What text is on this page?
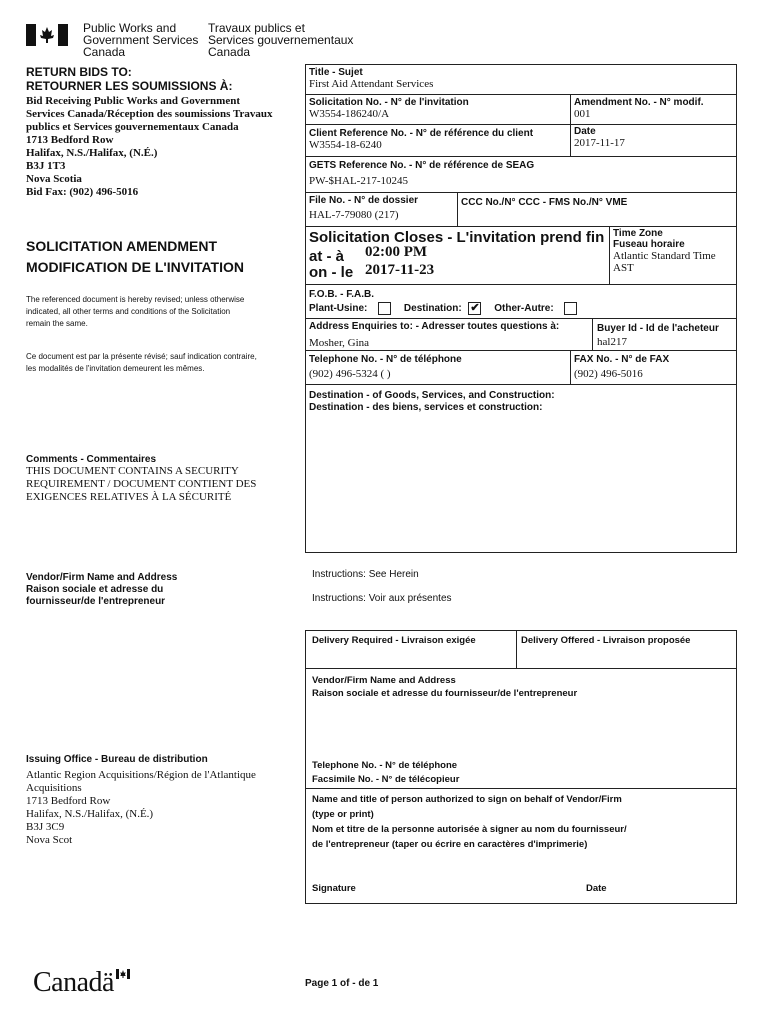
Public Works and
Government Services
Canada
Travaux publics et
Services gouvernementaux
Canada
RETURN BIDS TO:
RETOURNER LES SOUMISSIONS À:
Bid Receiving Public Works and Government
Services Canada/Réception des soumissions Travaux
publics et Services gouvernementaux Canada
1713 Bedford Row
Halifax, N.S./Halifax, (N.É.)
B3J 1T3
Nova Scotia
Bid Fax: (902) 496-5016
SOLICITATION AMENDMENT
MODIFICATION DE L'INVITATION
The referenced document is hereby revised; unless otherwise
indicated, all other terms and conditions of the Solicitation
remain the same.
Ce document est par la présente révisé; sauf indication contraire,
les modalités de l'invitation demeurent les mêmes.
Comments - Commentaires
THIS DOCUMENT CONTAINS A SECURITY
REQUIREMENT / DOCUMENT CONTIENT DES
EXIGENCES RELATIVES À LA SÉCURITÉ
Vendor/Firm Name and Address
Raison sociale et adresse du
fournisseur/de l'entrepreneur
Issuing Office - Bureau de distribution
Atlantic Region Acquisitions/Région de l'Atlantique
Acquisitions
1713 Bedford Row
Halifax, N.S./Halifax, (N.É.)
B3J 3C9
Nova Scot
Title - Sujet
First Aid Attendant Services
Solicitation No. - N° de l'invitation
W3554-186240/A
Amendment No. - N° modif.
001
Client Reference No. - N° de référence du client
W3554-18-6240
Date
2017-11-17
GETS Reference No. - N° de référence de SEAG
PW-$HAL-217-10245
File No. - N° de dossier
HAL-7-79080 (217)
CCC No./N° CCC - FMS No./N° VME
Solicitation Closes - L'invitation prend fin
at - à 02:00 PM
on - le 2017-11-23
Time Zone
Fuseau horaire
Atlantic Standard Time
AST
F.O.B. - F.A.B.
Plant-Usine:	Destination: ✔ Other-Autre:
Address Enquiries to: - Adresser toutes questions à:
Mosher, Gina
Buyer Id - Id de l'acheteur
hal217
Telephone No. - N° de téléphone
(902) 496-5324 ( )
FAX No. - N° de FAX
(902) 496-5016
Destination - of Goods, Services, and Construction:
Destination - des biens, services et construction:
Instructions: See Herein
Instructions: Voir aux présentes
Delivery Required - Livraison exigée	Delivery Offered - Livraison proposée
Vendor/Firm Name and Address
Raison sociale et adresse du fournisseur/de l'entrepreneur
Telephone No. - N° de téléphone
Facsimile No. - N° de télécopieur
Name and title of person authorized to sign on behalf of Vendor/Firm
(type or print)
Nom et titre de la personne autorisée à signer au nom du fournisseur/
de l'entrepreneur (taper ou écrire en caractères d'imprimerie)
Signature	Date
Canadä	Page 1 of - de 1
